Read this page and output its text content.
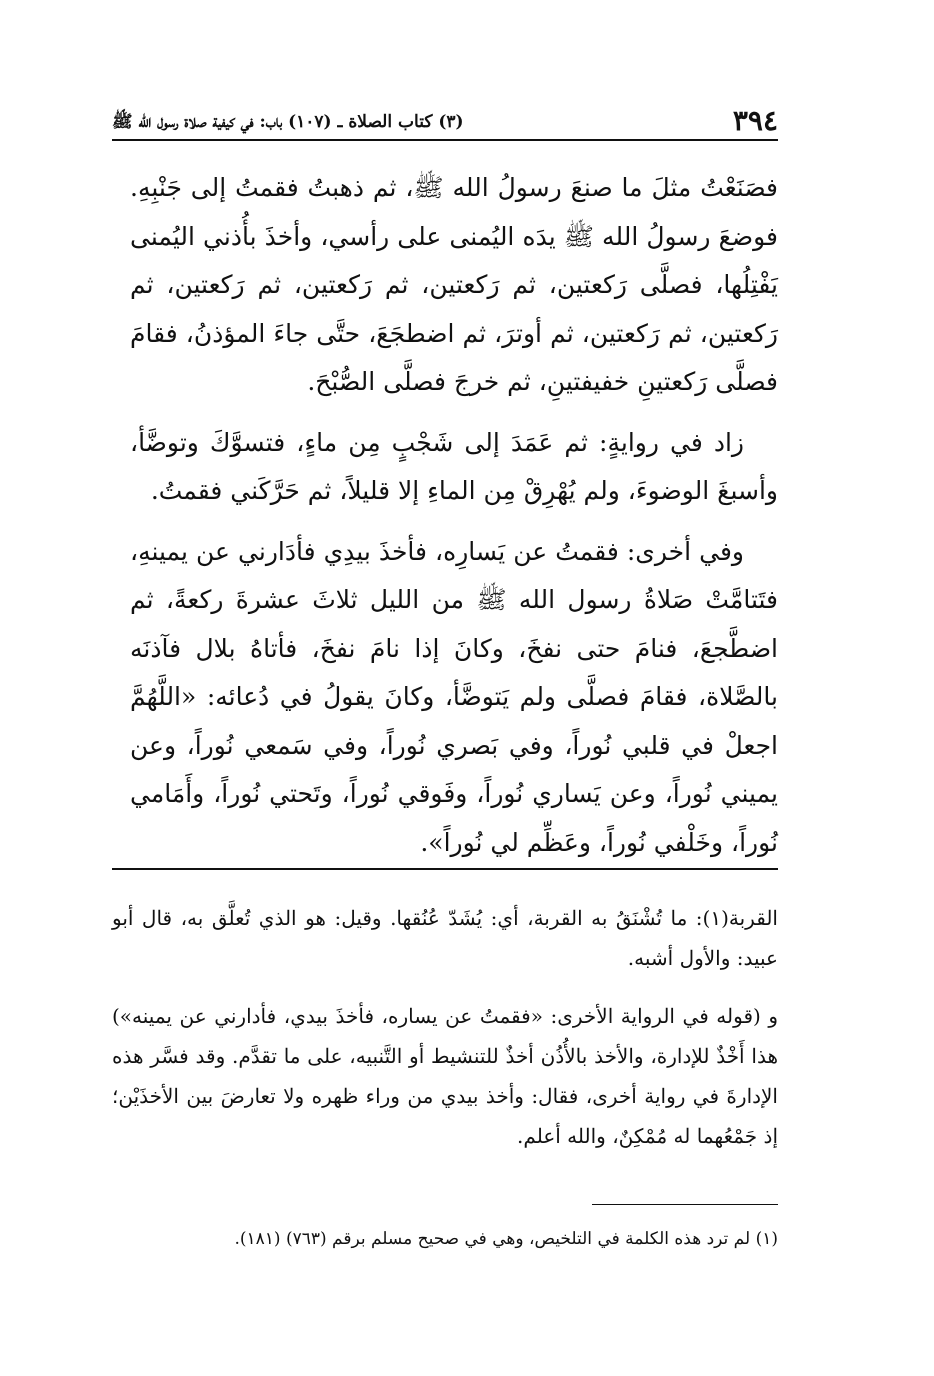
٣٩٤
(٣) كتاب الصلاة ـ (١٠٧) باب: في كيفية صلاة رسول الله ﷺ

فصَنَعْتُ مثلَ ما صنعَ رسولُ الله ﷺ، ثم ذهبتُ فقمتُ إلى جَنْبِهِ. فوضعَ رسولُ الله ﷺ يدَه اليُمنى على رأسي، وأخذَ بأُذني اليُمنى يَفْتِلُها، فصلَّى رَكعتين، ثم رَكعتين، ثم رَكعتين، ثم رَكعتين، ثم رَكعتين، ثم رَكعتين، ثم أوترَ، ثم اضطجَعَ، حتَّى جاءَ المؤذنُ، فقامَ فصلَّى رَكعتينِ خفيفتينِ، ثم خرجَ فصلَّى الصُّبْحَ.

زاد في روايةٍ: ثم عَمَدَ إلى شَجْبٍ مِن ماءٍ، فتسوَّكَ وتوضَّأ، وأسبغَ الوضوءَ، ولم يُهْرِقْ مِن الماءِ إلا قليلاً، ثم حَرَّكَني فقمتُ.

وفي أخرى: فقمتُ عن يَسارِه، فأخذَ بيدِي فأدَارني عن يمينهِ، فتَتامَّتْ صَلاةُ رسول الله ﷺ من الليل ثلاثَ عشرةَ ركعةً، ثم اضطَّجعَ، فنامَ حتى نفخَ، وكانَ إذا نامَ نفخَ، فأتاهُ بلال فآذنَه بالصَّلاة، فقامَ فصلَّى ولم يَتوضَّأ، وكانَ يقولُ في دُعائه: «اللَّهُمَّ اجعلْ في قلبي نُوراً، وفي بَصري نُوراً، وفي سَمعي نُوراً، وعن يميني نُوراً، وعن يَساري نُوراً، وفَوقي نُوراً، وتَحتي نُوراً، وأَمَامي نُوراً، وخَلْفي نُوراً، وعَظِّم لي نُوراً».

القربة(١): ما تُشْنَقُ به القربة، أي: يُشَدّ عُنُقها. وقيل: هو الذي تُعلَّق به، قال أبو عبيد: والأول أشبه.

و (قوله في الرواية الأخرى: «فقمتُ عن يساره، فأخذَ بيدي، فأدارني عن يمينه») هذا أَخْذٌ للإدارة، والأخذ بالأُذُن أخذٌ للتنشيط أو التَّنبيه، على ما تقدَّم. وقد فسَّر هذه الإدارةَ في رواية أخرى، فقال: وأخذ بيدي من وراء ظهره ولا تعارضَ بين الأخذَيْن؛ إذ جَمْعُهما له مُمْكِنٌ، والله أعلم.

(١) لم ترد هذه الكلمة في التلخيص، وهي في صحيح مسلم برقم (٧٦٣) (١٨١).
